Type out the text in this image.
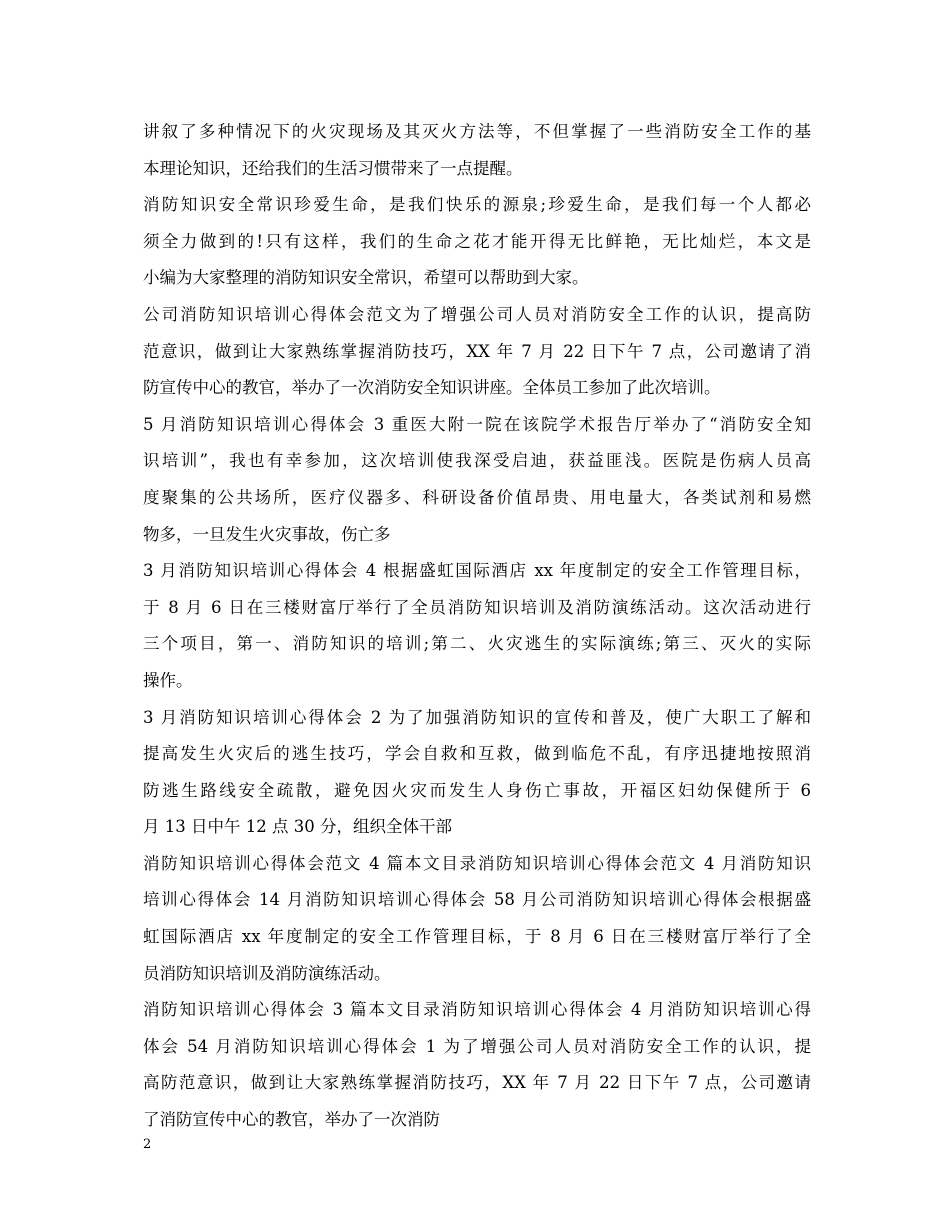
讲叙了多种情况下的火灾现场及其灭火方法等，不但掌握了一些消防安全工作的基
本理论知识，还给我们的生活习惯带来了一点提醒。
消防知识安全常识珍爱生命，是我们快乐的源泉;珍爱生命，是我们每一个人都必
须全力做到的!只有这样，我们的生命之花才能开得无比鲜艳，无比灿烂，本文是
小编为大家整理的消防知识安全常识，希望可以帮助到大家。
公司消防知识培训心得体会范文为了增强公司人员对消防安全工作的认识，提高防
范意识，做到让大家熟练掌握消防技巧，XX 年 7 月 22 日下午 7 点，公司邀请了消
防宣传中心的教官，举办了一次消防安全知识讲座。全体员工参加了此次培训。
5 月消防知识培训心得体会 3 重医大附一院在该院学术报告厅举办了“消防安全知
识培训”，我也有幸参加，这次培训使我深受启迪，获益匪浅。医院是伤病人员高
度聚集的公共场所，医疗仪器多、科研设备价值昂贵、用电量大，各类试剂和易燃
物多，一旦发生火灾事故，伤亡多
3 月消防知识培训心得体会 4 根据盛虹国际酒店 xx 年度制定的安全工作管理目标，
于 8 月 6 日在三楼财富厅举行了全员消防知识培训及消防演练活动。这次活动进行
三个项目，第一、消防知识的培训;第二、火灾逃生的实际演练;第三、灭火的实际
操作。
3 月消防知识培训心得体会 2 为了加强消防知识的宣传和普及，使广大职工了解和
提高发生火灾后的逃生技巧，学会自救和互救，做到临危不乱，有序迅捷地按照消
防逃生路线安全疏散，避免因火灾而发生人身伤亡事故，开福区妇幼保健所于 6
月 13 日中午 12 点 30 分，组织全体干部
消防知识培训心得体会范文 4 篇本文目录消防知识培训心得体会范文 4 月消防知识
培训心得体会 14 月消防知识培训心得体会 58 月公司消防知识培训心得体会根据盛
虹国际酒店 xx 年度制定的安全工作管理目标，于 8 月 6 日在三楼财富厅举行了全
员消防知识培训及消防演练活动。
消防知识培训心得体会 3 篇本文目录消防知识培训心得体会 4 月消防知识培训心得
体会 54 月消防知识培训心得体会 1 为了增强公司人员对消防安全工作的认识，提
高防范意识，做到让大家熟练掌握消防技巧，XX 年 7 月 22 日下午 7 点，公司邀请
了消防宣传中心的教官，举办了一次消防
2
